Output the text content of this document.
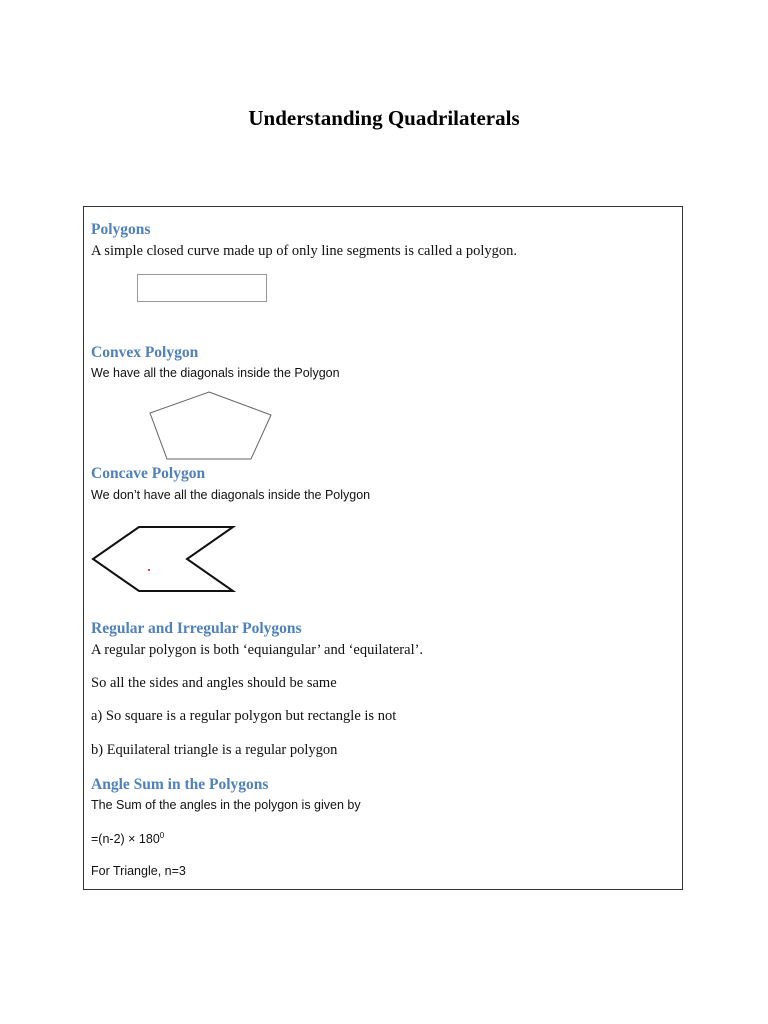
Understanding Quadrilaterals
Polygons
A simple closed curve made up of only line segments is called a polygon.
Convex Polygon
We have all the diagonals inside the Polygon
Concave Polygon
We don’t have all the diagonals inside the Polygon
Regular and Irregular Polygons
A regular polygon is both ‘equiangular’ and ‘equilateral’.
So all the sides and angles should be same
a) So square is a regular polygon but rectangle is not
b) Equilateral triangle is a regular polygon
Angle Sum in the Polygons
The Sum of the angles in the polygon is given by
$=(n-2) \times 180^0$
For Triangle, n=3
